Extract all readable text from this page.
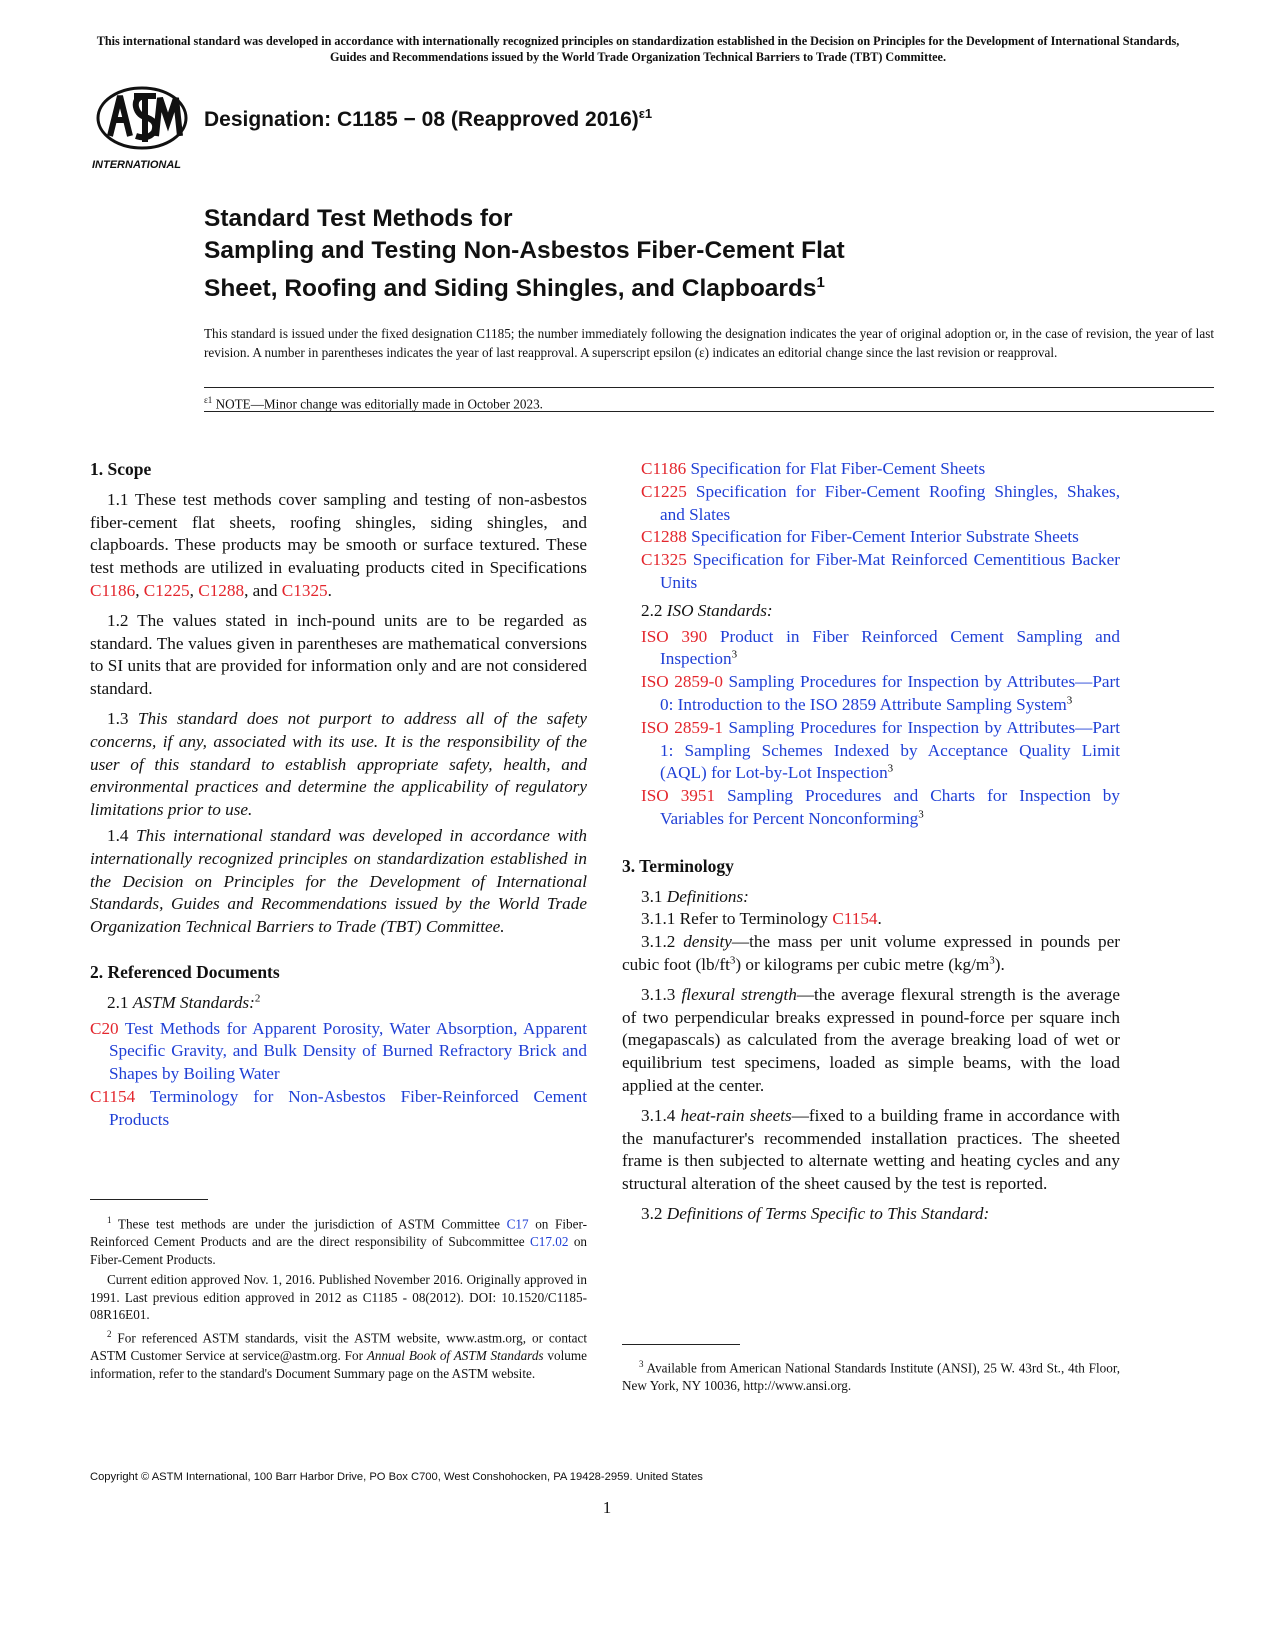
This international standard was developed in accordance with internationally recognized principles on standardization established in the Decision on Principles for the Development of International Standards, Guides and Recommendations issued by the World Trade Organization Technical Barriers to Trade (TBT) Committee.
INTERNATIONAL
Designation: C1185 − 08 (Reapproved 2016)$^{\varepsilon 1}$
Standard Test Methods for
Sampling and Testing Non-Asbestos Fiber-Cement Flat
Sheet, Roofing and Siding Shingles, and Clapboards$^1$
This standard is issued under the fixed designation C1185; the number immediately following the designation indicates the year of original adoption or, in the case of revision, the year of last revision. A number in parentheses indicates the year of last reapproval. A superscript epsilon (ε) indicates an editorial change since the last revision or reapproval.
$^{\varepsilon 1}$ NOTE—Minor change was editorially made in October 2023.
1. Scope

1.1 These test methods cover sampling and testing of non-asbestos fiber-cement flat sheets, roofing shingles, siding shingles, and clapboards. These products may be smooth or surface textured. These test methods are utilized in evaluating products cited in Specifications C1186, C1225, C1288, and C1325.

1.2 The values stated in inch-pound units are to be regarded as standard. The values given in parentheses are mathematical conversions to SI units that are provided for information only and are not considered standard.

1.3 This standard does not purport to address all of the safety concerns, if any, associated with its use. It is the responsibility of the user of this standard to establish appropriate safety, health, and environmental practices and determine the applicability of regulatory limitations prior to use.

1.4 This international standard was developed in accordance with internationally recognized principles on standardization established in the Decision on Principles for the Development of International Standards, Guides and Recommendations issued by the World Trade Organization Technical Barriers to Trade (TBT) Committee.

2. Referenced Documents

2.1 ASTM Standards:$^2$

C20 Test Methods for Apparent Porosity, Water Absorption, Apparent Specific Gravity, and Bulk Density of Burned Refractory Brick and Shapes by Boiling Water

C1154 Terminology for Non-Asbestos Fiber-Reinforced Cement Products

C1186 Specification for Flat Fiber-Cement Sheets

C1225 Specification for Fiber-Cement Roofing Shingles, Shakes, and Slates

C1288 Specification for Fiber-Cement Interior Substrate Sheets

C1325 Specification for Fiber-Mat Reinforced Cementitious Backer Units

2.2 ISO Standards:

ISO 390 Product in Fiber Reinforced Cement Sampling and Inspection$^3$

ISO 2859-0 Sampling Procedures for Inspection by Attributes—Part 0: Introduction to the ISO 2859 Attribute Sampling System$^3$

ISO 2859-1 Sampling Procedures for Inspection by Attributes—Part 1: Sampling Schemes Indexed by Acceptance Quality Limit (AQL) for Lot-by-Lot Inspection$^3$

ISO 3951 Sampling Procedures and Charts for Inspection by Variables for Percent Nonconforming$^3$

3. Terminology

3.1 Definitions:

3.1.1 Refer to Terminology C1154.

3.1.2 density—the mass per unit volume expressed in pounds per cubic foot $(lb/ft^3)$ or kilograms per cubic metre $(kg/m^3)$.

3.1.3 flexural strength—the average flexural strength is the average of two perpendicular breaks expressed in pound-force per square inch (megapascals) as calculated from the average breaking load of wet or equilibrium test specimens, loaded as simple beams, with the load applied at the center.

3.1.4 heat-rain sheets—fixed to a building frame in accordance with the manufacturer's recommended installation practices. The sheeted frame is then subjected to alternate wetting and heating cycles and any structural alteration of the sheet caused by the test is reported.

3.2 Definitions of Terms Specific to This Standard:

$^1$ These test methods are under the jurisdiction of ASTM Committee C17 on Fiber-Reinforced Cement Products and are the direct responsibility of Subcommittee C17.02 on Fiber-Cement Products.

Current edition approved Nov. 1, 2016. Published November 2016. Originally approved in 1991. Last previous edition approved in 2012 as C1185 - 08(2012). DOI: 10.1520/C1185-08R16E01.

$^2$ For referenced ASTM standards, visit the ASTM website, www.astm.org, or contact ASTM Customer Service at service@astm.org. For Annual Book of ASTM Standards volume information, refer to the standard's Document Summary page on the ASTM website.

$^3$ Available from American National Standards Institute (ANSI), 25 W. 43rd St., 4th Floor, New York, NY 10036, http://www.ansi.org.

Copyright © ASTM International, 100 Barr Harbor Drive, PO Box C700, West Conshohocken, PA 19428-2959. United States
1
